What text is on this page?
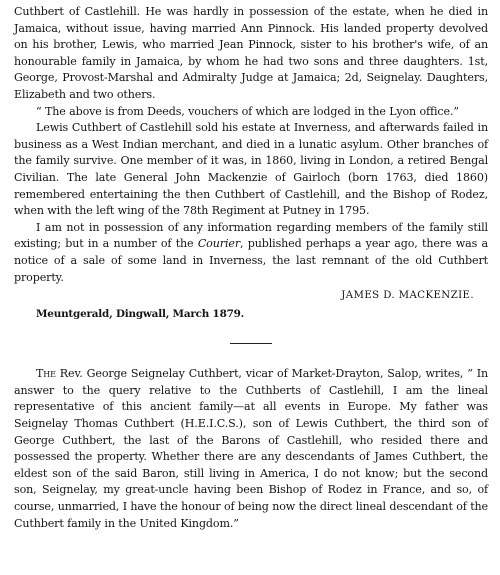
Cuthbert of Castlehill. He was hardly in possession of the estate, when he died in Jamaica, without issue, having married Ann Pinnock. His landed property devolved on his brother, Lewis, who married Jean Pinnock, sister to his brother's wife, of an honourable family in Jamaica, by whom he had two sons and three daughters. 1st, George, Provost-Marshal and Admiralty Judge at Jamaica; 2d, Seignelay. Daughters, Elizabeth and two others.

“ The above is from Deeds, vouchers of which are lodged in the Lyon office.”

Lewis Cuthbert of Castlehill sold his estate at Inverness, and afterwards failed in business as a West Indian merchant, and died in a lunatic asylum. Other branches of the family survive. One member of it was, in 1860, living in London, a retired Bengal Civilian. The late General John Mackenzie of Gairloch (born 1763, died 1860) remembered entertaining the then Cuthbert of Castlehill, and the Bishop of Rodez, when with the left wing of the 78th Regiment at Putney in 1795.

I am not in possession of any information regarding members of the family still existing; but in a number of the Courier, published perhaps a year ago, there was a notice of a sale of some land in Inverness, the last remnant of the old Cuthbert property.

JAMES D. MACKENZIE.

Meuntgerald, Dingwall, March 1879.

The Rev. George Seignelay Cuthbert, vicar of Market-Drayton, Salop, writes, “ In answer to the query relative to the Cuthberts of Castlehill, I am the lineal representative of this ancient family—at all events in Europe. My father was Seignelay Thomas Cuthbert (H.E.I.C.S.), son of Lewis Cuthbert, the third son of George Cuthbert, the last of the Barons of Castlehill, who resided there and possessed the property. Whether there are any descendants of James Cuthbert, the eldest son of the said Baron, still living in America, I do not know; but the second son, Seignelay, my great-uncle having been Bishop of Rodez in France, and so, of course, unmarried, I have the honour of being now the direct lineal descendant of the Cuthbert family in the United Kingdom.”
